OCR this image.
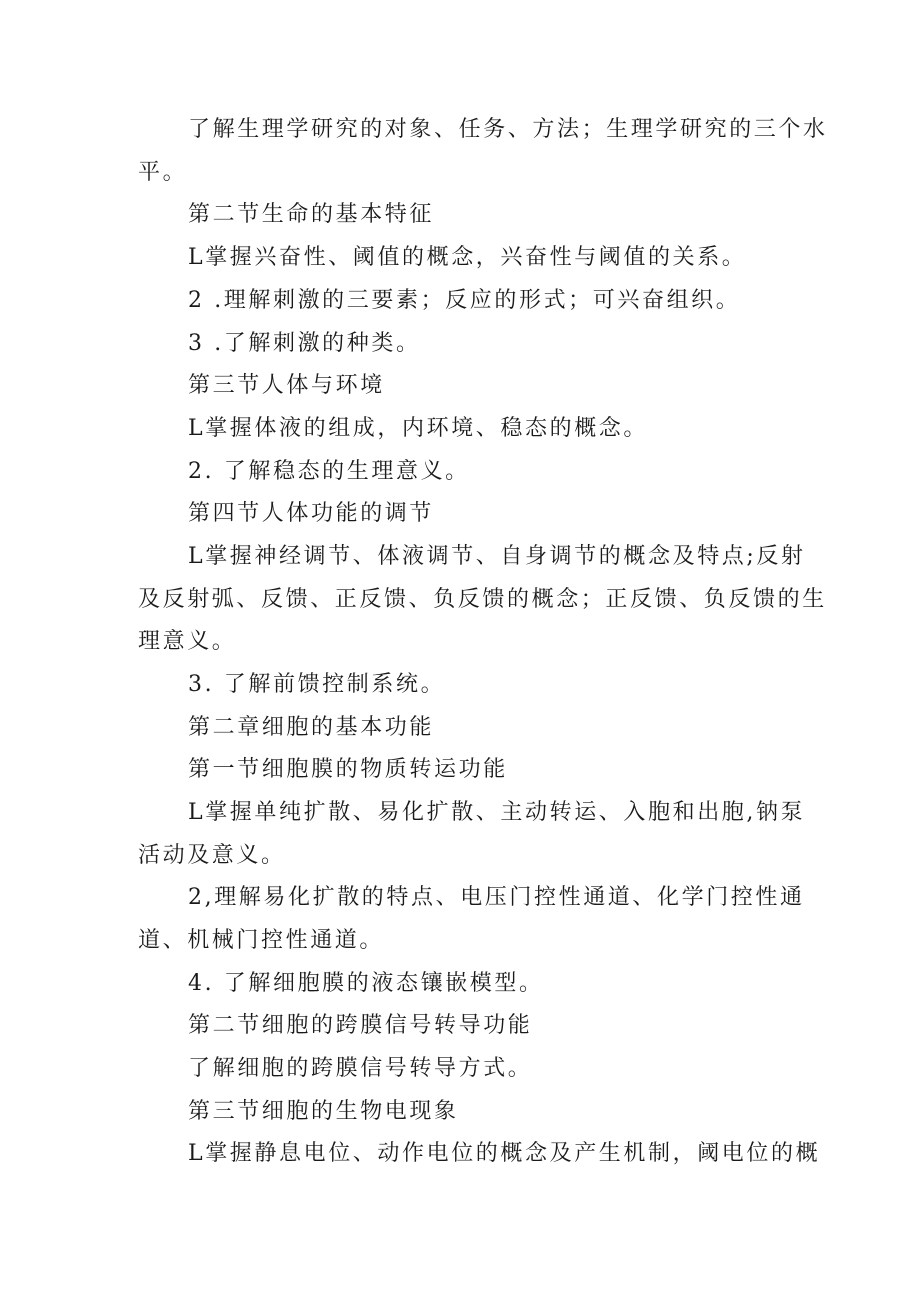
了解生理学研究的对象、任务、方法；生理学研究的三个水
平。
第二节生命的基本特征
L掌握兴奋性、阈值的概念，兴奋性与阈值的关系。
2 .理解刺激的三要素；反应的形式；可兴奋组织。
3 .了解刺激的种类。
第三节人体与环境
L掌握体液的组成，内环境、稳态的概念。
2. 了解稳态的生理意义。
第四节人体功能的调节
L掌握神经调节、体液调节、自身调节的概念及特点;反射
及反射弧、反馈、正反馈、负反馈的概念；正反馈、负反馈的生
理意义。
3. 了解前馈控制系统。
第二章细胞的基本功能
第一节细胞膜的物质转运功能
L掌握单纯扩散、易化扩散、主动转运、入胞和出胞,钠泵
活动及意义。
2,理解易化扩散的特点、电压门控性通道、化学门控性通
道、机械门控性通道。
4. 了解细胞膜的液态镶嵌模型。
第二节细胞的跨膜信号转导功能
了解细胞的跨膜信号转导方式。
第三节细胞的生物电现象
L掌握静息电位、动作电位的概念及产生机制，阈电位的概
